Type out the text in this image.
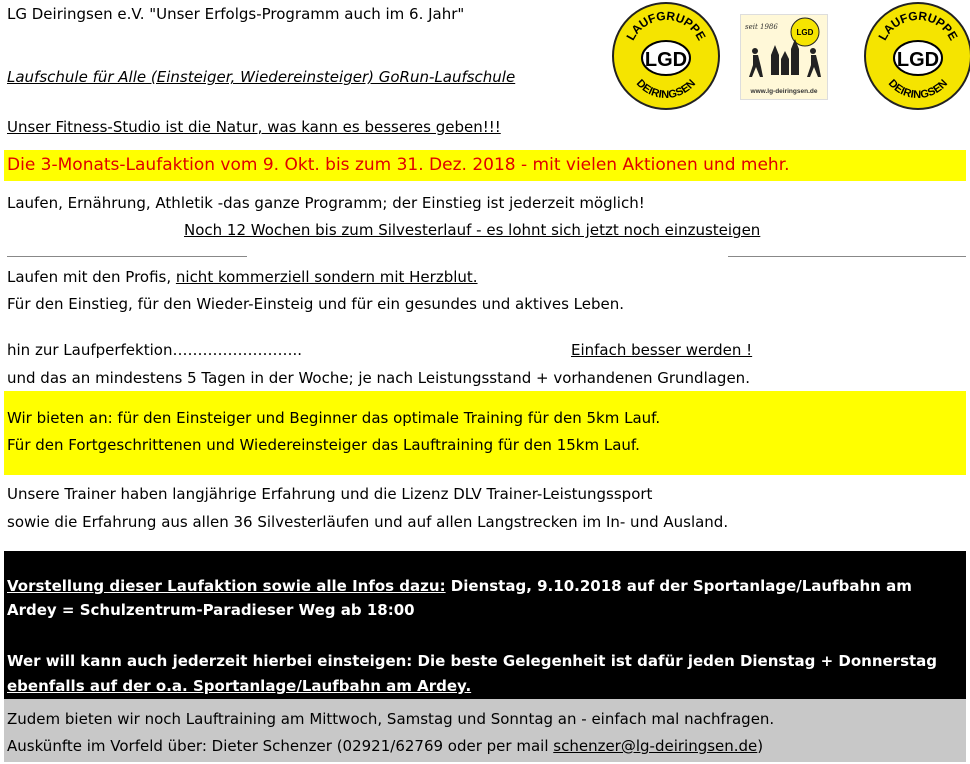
LG Deiringsen e.V. "Unser Erfolgs-Programm auch im 6. Jahr"
Laufschule für Alle (Einsteiger, Wiedereinsteiger) GoRun-Laufschule
Unser Fitness-Studio ist die Natur, was kann es besseres geben!!!
LAUFGRUPPE
LGD
DEIRINGSEN
seit 1986
LGD
www.lg-deiringsen.de
LAUFGRUPPE
LGD
DEIRINGSEN
Die 3-Monats-Laufaktion vom 9. Okt. bis zum 31. Dez. 2018 - mit vielen Aktionen und mehr.
Laufen, Ernährung, Athletik -das ganze Programm; der Einstieg ist jederzeit möglich!
Noch 12 Wochen bis zum Silvesterlauf - es lohnt sich jetzt noch einzusteigen
Laufen mit den Profis, nicht kommerziell sondern mit Herzblut.
Für den Einstieg, für den Wieder-Einsteig und für ein gesundes und aktives Leben.
hin zur Laufperfektion……………………..	Einfach besser werden !
und das an mindestens 5 Tagen in der Woche; je nach Leistungsstand + vorhandenen Grundlagen.
Wir bieten an: für den Einsteiger und Beginner das optimale Training für den 5km Lauf.
Für den Fortgeschrittenen und Wiedereinsteiger das Lauftraining für den 15km Lauf.
Unsere Trainer haben langjährige Erfahrung und die Lizenz DLV Trainer-Leistungssport
sowie die Erfahrung aus allen 36 Silvesterläufen und auf allen Langstrecken im In- und Ausland.
Vorstellung dieser Laufaktion sowie alle Infos dazu: Dienstag, 9.10.2018 auf der Sportanlage/Laufbahn am
Ardey = Schulzentrum-Paradieser Weg ab 18:00
Wer will kann auch jederzeit hierbei einsteigen: Die beste Gelegenheit ist dafür jeden Dienstag + Donnerstag
ebenfalls auf der o.a. Sportanlage/Laufbahn am Ardey.
Zudem bieten wir noch Lauftraining am Mittwoch, Samstag und Sonntag an - einfach mal nachfragen.
Auskünfte im Vorfeld über: Dieter Schenzer (02921/62769 oder per mail schenzer@lg-deiringsen.de)
